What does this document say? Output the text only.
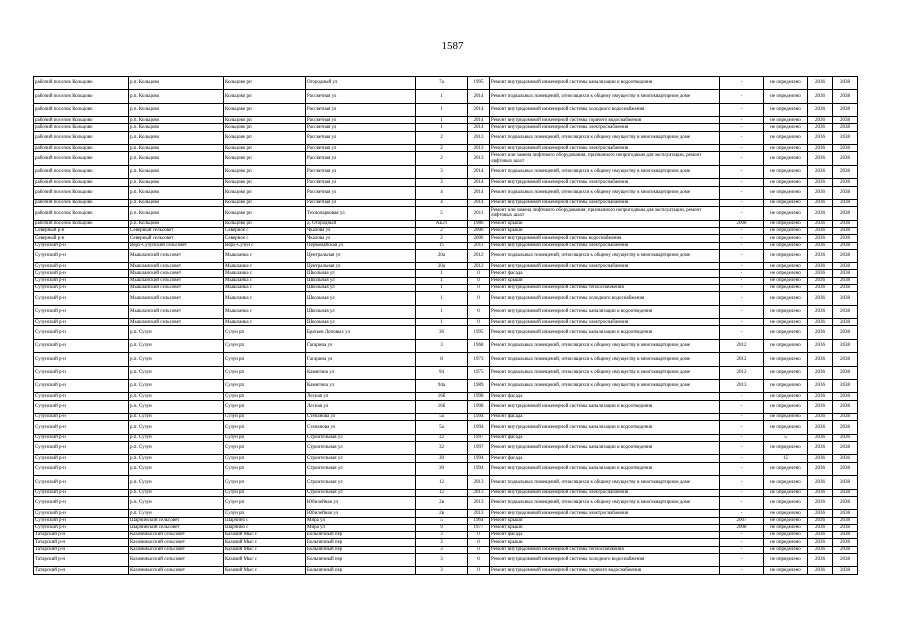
1587
рабочий поселок Кольцово	р.п. Кольцово	Кольцово рп	Огородный ул	7а	1995	Ремонт внутридомовой инженерной системы канализации и водоотведения	-	не определено	2036	2038
рабочий поселок Кольцово	р.п. Кольцово	Кольцово рп	Рассветная ул	1	2014	Ремонт подвальных помещений, относящихся к общему имуществу в многоквартирном доме	-	не определено	2036	2038
рабочий поселок Кольцово	р.п. Кольцово	Кольцово рп	Рассветная ул	1	2014	Ремонт внутридомовой инженерной системы холодного водоснабжения	-	не определено	2036	2038
рабочий поселок Кольцово	р.п. Кольцово	Кольцово рп	Рассветная ул	1	2014	Ремонт внутридомовой инженерной системы горячего водоснабжения	-	не определено	2036	2038
рабочий поселок Кольцово	р.п. Кольцово	Кольцово рп	Рассветная ул	1	2014	Ремонт внутридомовой инженерной системы электроснабжения	-	не определено	2036	2038
рабочий поселок Кольцово	р.п. Кольцово	Кольцово рп	Рассветная ул	2	2013	Ремонт подвальных помещений, относящихся к общему имуществу в многоквартирном доме	-	не определено	2036	2038
рабочий поселок Кольцово	р.п. Кольцово	Кольцово рп	Рассветная ул	2	2013	Ремонт внутридомовой инженерной системы электроснабжения	-	не определено	2036	2038
рабочий поселок Кольцово	р.п. Кольцово	Кольцово рп	Рассветная ул	2	2013	Ремонт или замена лифтового оборудования, признанного непригодным для эксплуатации, ремонт лифтовых шахт	-	не определено	2036	2038
рабочий поселок Кольцово	р.п. Кольцово	Кольцово рп	Рассветная ул	3	2014	Ремонт подвальных помещений, относящихся к общему имуществу в многоквартирном доме	-	не определено	2036	2038
рабочий поселок Кольцово	р.п. Кольцово	Кольцово рп	Рассветная ул	3	2014	Ремонт внутридомовой инженерной системы электроснабжения	-	не определено	2036	2038
рабочий поселок Кольцово	р.п. Кольцово	Кольцово рп	Рассветная ул	4	2014	Ремонт подвальных помещений, относящихся к общему имуществу в многоквартирном доме	-	не определено	2036	2038
рабочий поселок Кольцово	р.п. Кольцово	Кольцово рп	Рассветная ул	4	2014	Ремонт внутридомовой инженерной системы электроснабжения	-	не определено	2036	2038
рабочий поселок Кольцово	р.п. Кольцово	Кольцово рп	Технопарковая ул	5	2011	Ремонт или замена лифтового оборудования, признанного непригодным для эксплуатации, ремонт лифтовых шахт	-	не определено	2036	2038
рабочий поселок Кольцово	р.п. Кольцово	Кольцово рп	д. Огородный	АБ21	1986	Ремонт крыши	2008	не определено	2036	2038
Северный р-н	Северный сельсовет	Северное с	Чкалова ул	2	2006	Ремонт крыши	-	не определено	2036	2038
Северный р-н	Северный сельсовет	Северное с	Чкалова ул	2	2006	Ремонт внутридомовой инженерной системы водоснабжения	-	не определено	2036	2038
Сузунский р-н	Верх-Сузунский сельсовет	Верх-Сузун с	Первомайская ул	15	2011	Ремонт внутридомовой инженерной системы электроснабжения	-	не определено	2036	2038
Сузунский р-н	Мышланский сельсовет	Мышланка с	Центральная ул	20а	2012	Ремонт подвальных помещений, относящихся к общему имуществу в многоквартирном доме	-	не определено	2036	2038
Сузунский р-н	Мышланский сельсовет	Мышланка с	Центральная ул	20а	2012	Ремонт внутридомовой инженерной системы электроснабжения	-	не определено	2036	2038
Сузунский р-н	Мышланский сельсовет	Мышланка с	Школьная ул	1	0	Ремонт фасада	-	не определено	2036	2038
Сузунский р-н	Мышланский сельсовет	Мышланка с	Школьная ул	1	0	Ремонт крыши	-	не определено	2036	2038
Сузунский р-н	Мышланский сельсовет	Мышланка с	Школьная ул	1	0	Ремонт внутридомовой инженерной системы теплоснабжения	-	не определено	2036	2038
Сузунский р-н	Мышланский сельсовет	Мышланка с	Школьная ул	1	0	Ремонт внутридомовой инженерной системы холодного водоснабжения	-	не определено	2036	2038
Сузунский р-н	Мышланский сельсовет	Мышланка с	Школьная ул	1	0	Ремонт внутридомовой инженерной системы канализации и водоотведения	-	не определено	2036	2038
Сузунский р-н	Мышланский сельсовет	Мышланка с	Школьная ул	1	0	Ремонт внутридомовой инженерной системы электроснабжения	-	не определено	2036	2038
Сузунский р-н	р.п. Сузун	Сузун рп	Братьев Лоповых ул	36	1995	Ремонт внутридомовой инженерной системы канализации и водоотведения	-	не определено	2036	2038
Сузунский р-н	р.п. Сузун	Сузун рп	Гагарина ул	3	1968	Ремонт подвальных помещений, относящихся к общему имуществу в многоквартирном доме	2012	не определено	2036	2038
Сузунский р-н	р.п. Сузун	Сузун рп	Гагарина ул	8	1973	Ремонт подвальных помещений, относящихся к общему имуществу в многоквартирном доме	2012	не определено	2036	2038
Сузунский р-н	р.п. Сузун	Сузун рп	Камнгина ул	94	1975	Ремонт подвальных помещений, относящихся к общему имуществу в многоквартирном доме	2012	не определено	2036	2038
Сузунский р-н	р.п. Сузун	Сузун рп	Камнгина ул	94а	1989	Ремонт подвальных помещений, относящихся к общему имуществу в многоквартирном доме	2013	не определено	2036	2038
Сузунский р-н	р.п. Сузун	Сузун рп	Лесная ул	16б	1998	Ремонт фасада	-	не определено	2036	2038
Сузунский р-н	р.п. Сузун	Сузун рп	Лесная ул	16б	1998	Ремонт внутридомовой инженерной системы канализации и водоотведения	-	не определено	2036	2038
Сузунский р-н	р.п. Сузун	Сузун рп	Степанова ул	5а	1994	Ремонт фасада	-	не определено	2036	2038
Сузунский р-н	р.п. Сузун	Сузун рп	Степанова ул	5а	1994	Ремонт внутридомовой инженерной системы канализации и водоотведения	-	не определено	2036	2038
Сузунский р-н	р.п. Сузун	Сузун рп	Строительная ул	32	1997	Ремонт фасада	-	5	2036	2036
Сузунский р-н	р.п. Сузун	Сузун рп	Строительная ул	32	1997	Ремонт внутридомовой инженерной системы канализации и водоотведения	-	не определено	2036	2038
Сузунский р-н	р.п. Сузун	Сузун рп	Строительная ул	30	1994	Ремонт фасада	-	15	2036	2036
Сузунский р-н	р.п. Сузун	Сузун рп	Строительная ул	30	1994	Ремонт внутридомовой инженерной системы канализации и водоотведения	-	не определено	2036	2038
Сузунский р-н	р.п. Сузун	Сузун рп	Строительная ул	12	2013	Ремонт подвальных помещений, относящихся к общему имуществу в многоквартирном доме	-	не определено	2036	2038
Сузунский р-н	р.п. Сузун	Сузун рп	Строительная ул	12	2013	Ремонт внутридомовой инженерной системы электроснабжения	-	не определено	2036	2038
Сузунский р-н	р.п. Сузун	Сузун рп	Юбилейная ул	2в	2013	Ремонт подвальных помещений, относящихся к общему имуществу в многоквартирном доме	-	не определено	2036	2038
Сузунский р-н	р.п. Сузун	Сузун рп	Юбилейная ул	2в	2013	Ремонт внутридомовой инженерной системы электроснабжения	-	не определено	2036	2038
Сузунский р-н	Шарчинский сельсовет	Шарчино с	Мира ул	5	1964	Ремонт крыши	2007	не определено	2036	2038
Сузунский р-н	Шарчинский сельсовет	Шарчино с	Мира ул	9	1977	Ремонт крыши	2008	не определено	2036	2038
Татарский р-н	Казачемысский сельсовет	Казачий Мыс с	Больничный пер	3	0	Ремонт фасада	-	не определено	2036	2038
Татарский р-н	Казачемысский сельсовет	Казачий Мыс с	Больничный пер	3	0	Ремонт крыши	-	не определено	2036	2038
Татарский р-н	Казачемысский сельсовет	Казачий Мыс с	Больничный пер	3	0	Ремонт внутридомовой инженерной системы теплоснабжения	-	не определено	2036	2038
Татарский р-н	Казачемысский сельсовет	Казачий Мыс с	Больничный пер	3	0	Ремонт внутридомовой инженерной системы холодного водоснабжения	-	не определено	2036	2038
Татарский р-н	Казачемысский сельсовет	Казачий Мыс с	Больничный пер	3	0	Ремонт внутридомовой инженерной системы горячего водоснабжения	-	не определено	2036	2038
